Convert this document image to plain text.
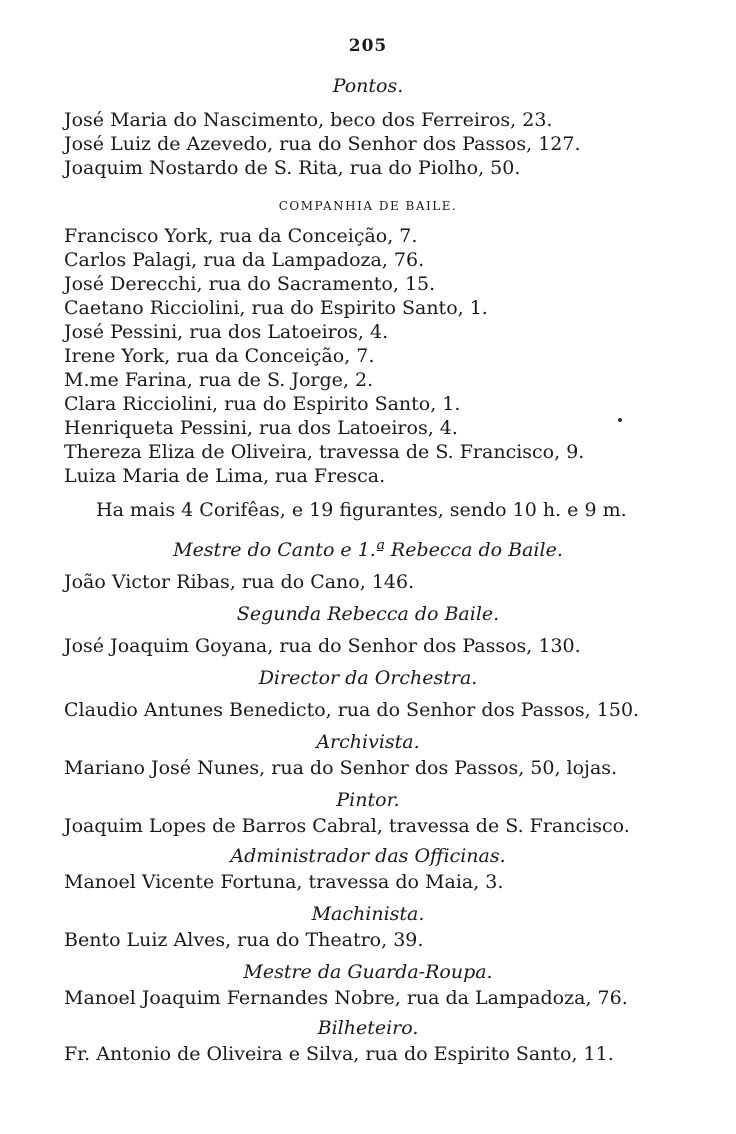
205
Pontos.
José Maria do Nascimento, beco dos Ferreiros, 23.
José Luiz de Azevedo, rua do Senhor dos Passos, 127.
Joaquim Nostardo de S. Rita, rua do Piolho, 50.
COMPANHIA DE BAILE.
Francisco York, rua da Conceição, 7.
Carlos Palagi, rua da Lampadoza, 76.
José Derecchi, rua do Sacramento, 15.
Caetano Ricciolini, rua do Espirito Santo, 1.
José Pessini, rua dos Latoeiros, 4.
Irene York, rua da Conceição, 7.
M.me Farina, rua de S. Jorge, 2.
Clara Ricciolini, rua do Espirito Santo, 1.
Henriqueta Pessini, rua dos Latoeiros, 4.
Thereza Eliza de Oliveira, travessa de S. Francisco, 9.
Luiza Maria de Lima, rua Fresca.
Ha mais 4 Corifêas, e 19 figurantes, sendo 10 h. e 9 m.
Mestre do Canto e 1.ª Rebecca do Baile.
João Victor Ribas, rua do Cano, 146.
Segunda Rebecca do Baile.
José Joaquim Goyana, rua do Senhor dos Passos, 130.
Director da Orchestra.
Claudio Antunes Benedicto, rua do Senhor dos Passos, 150.
Archivista.
Mariano José Nunes, rua do Senhor dos Passos, 50, lojas.
Pintor.
Joaquim Lopes de Barros Cabral, travessa de S. Francisco.
Administrador das Officinas.
Manoel Vicente Fortuna, travessa do Maia, 3.
Machinista.
Bento Luiz Alves, rua do Theatro, 39.
Mestre da Guarda-Roupa.
Manoel Joaquim Fernandes Nobre, rua da Lampadoza, 76.
Bilheteiro.
Fr. Antonio de Oliveira e Silva, rua do Espirito Santo, 11.
